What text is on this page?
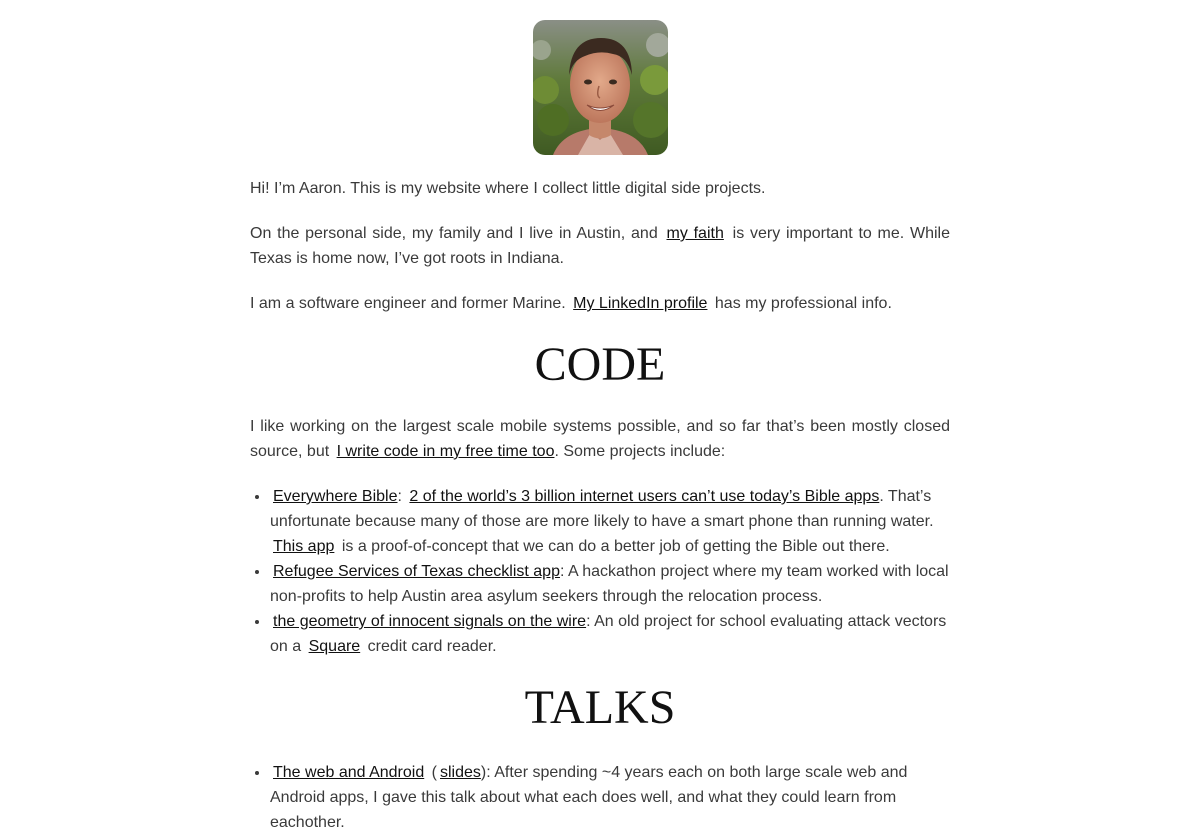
Hi! I’m Aaron. This is my website where I collect little digital side projects.

On the personal side, my family and I live in Austin, and my faith is very important to me. While Texas is home now, I’ve got roots in Indiana.

I am a software engineer and former Marine. My LinkedIn profile has my professional info.

CODE

I like working on the largest scale mobile systems possible, and so far that’s been mostly closed source, but I write code in my free time too. Some projects include:

• Everywhere Bible: 2 of the world’s 3 billion internet users can’t use today’s Bible apps. That’s unfortunate because many of those are more likely to have a smart phone than running water. This app is a proof-of-concept that we can do a better job of getting the Bible out there.
• Refugee Services of Texas checklist app: A hackathon project where my team worked with local non-profits to help Austin area asylum seekers through the relocation process.
• the geometry of innocent signals on the wire: An old project for school evaluating attack vectors on a Square credit card reader.
TALKS
• The web and Android ( slides): After spending ~4 years each on both large scale web and Android apps, I gave this talk about what each does well, and what they could learn from eachother.
